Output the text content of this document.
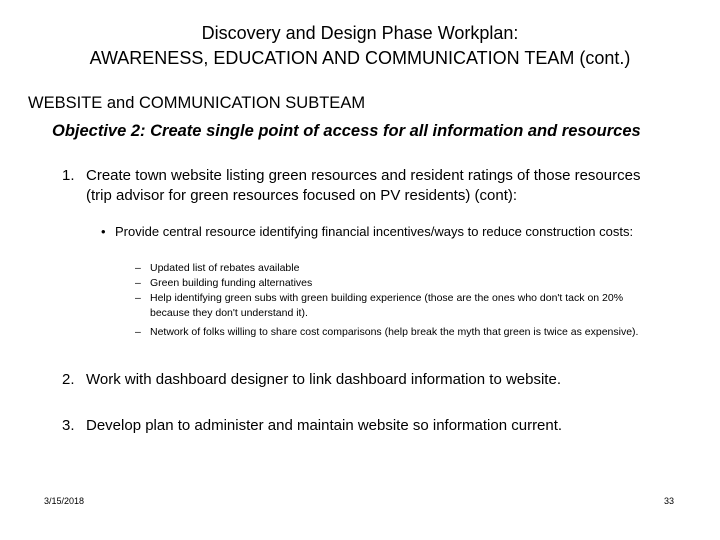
Discovery and Design Phase Workplan:
AWARENESS, EDUCATION AND COMMUNICATION TEAM (cont.)
WEBSITE and COMMUNICATION SUBTEAM
Objective 2: Create single point of access for all information and resources
1. Create town website listing green resources and resident ratings of those resources (trip advisor for green resources focused on PV residents) (cont):
• Provide central resource identifying financial incentives/ways to reduce construction costs:
– Updated list of rebates available
– Green building funding alternatives
– Help identifying green subs with green building experience (those are the ones who don't tack on 20% because they don't understand it).
– Network of folks willing to share cost comparisons (help break the myth that green is twice as expensive).
2. Work with dashboard designer to link dashboard information to website.
3. Develop plan to administer and maintain website so information current.
3/15/2018	33
